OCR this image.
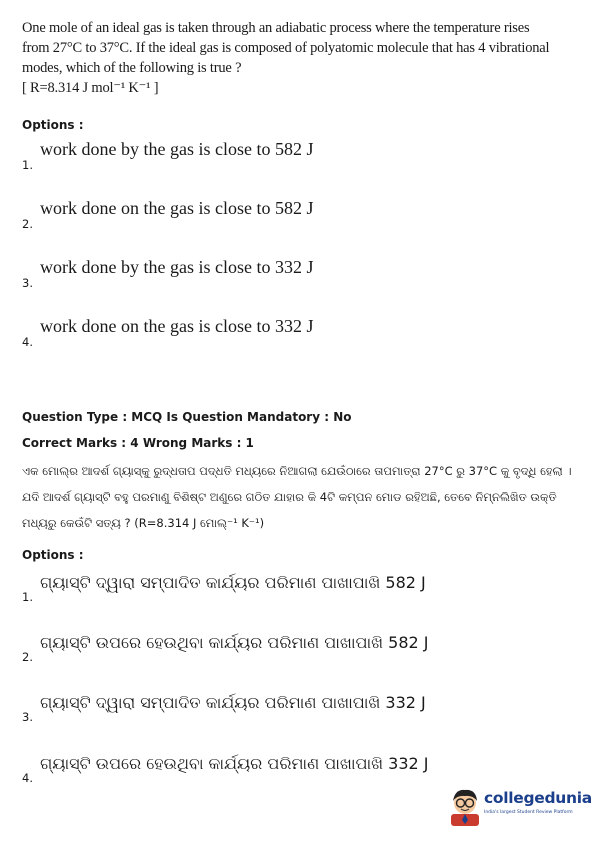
One mole of an ideal gas is taken through an adiabatic process where the temperature rises
from 27°C to 37°C. If the ideal gas is composed of polyatomic molecule that has 4 vibrational
modes, which of the following is true ?
[ R=8.314 J mol⁻¹ K⁻¹ ]
Options :
1.
work done by the gas is close to 582 J
2.
work done on the gas is close to 582 J
3.
work done by the gas is close to 332 J
4.
work done on the gas is close to 332 J
Question Type : MCQ Is Question Mandatory : No
Correct Marks : 4 Wrong Marks : 1
ଏକ ମୋଲ୍‌ର ଆଦର୍ଶ ଗ୍ୟାସ୍‌କୁ ରୁଦ୍ଧତାପ ପଦ୍ଧତି ମଧ୍ୟରେ ନିଆଗଲା ଯେଉଁଠାରେ ତାପମାତ୍ରା 27°C ରୁ 37°C କୁ ବୃଦ୍ଧି ହେଲା ।
ଯଦି ଆଦର୍ଶ ଗ୍ୟାସ୍‌ଟି ବହୁ ପରମାଣୁ ବିଶିଷ୍ଟ ଅଣୁରେ ଗଠିତ ଯାହାର କି 4ଟି କମ୍ପନ ମୋଡ ରହିଅଛି, ତେବେ ନିମ୍ନଲିଖିତ ଉକ୍ତି
ମଧ୍ୟରୁ କେଉଁଟି ସତ୍ୟ ? (R=8.314 J ମୋଲ୍⁻¹ K⁻¹)
Options :
1.
ଗ୍ୟାସ୍‌ଟି ଦ୍ୱାରା ସମ୍ପାଦିତ କାର୍ଯ୍ୟର ପରିମାଣ ପାଖାପାଖି 582 J
2.
ଗ୍ୟାସ୍‌ଟି ଉପରେ ହେଉଥିବା କାର୍ଯ୍ୟର ପରିମାଣ ପାଖାପାଖି 582 J
3.
ଗ୍ୟାସ୍‌ଟି ଦ୍ୱାରା ସମ୍ପାଦିତ କାର୍ଯ୍ୟର ପରିମାଣ ପାଖାପାଖି 332 J
4.
ଗ୍ୟାସ୍‌ଟି ଉପରେ ହେଉଥିବା କାର୍ଯ୍ୟର ପରିମାଣ ପାଖାପାଖି 332 J
collegedunia
India's largest Student Review Platform
